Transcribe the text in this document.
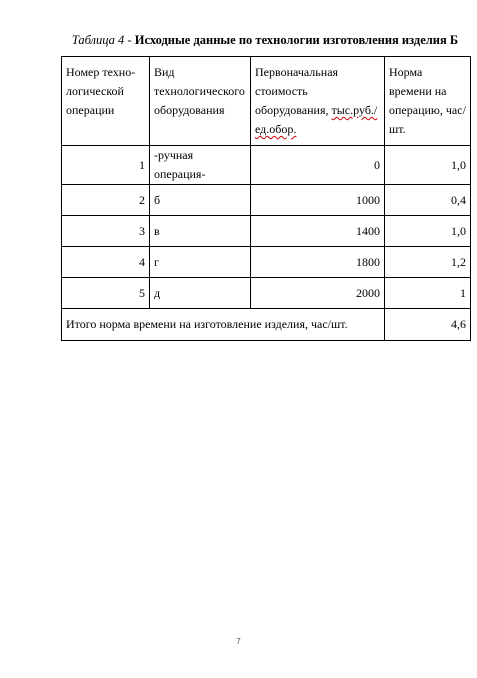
Таблица 4 - Исходные данные по технологии изготовления изделия Б
Номер техно-логической операции	Вид технологического оборудования	Первоначальная стоимость оборудования, тыс.руб./ед.обор.	Норма времени на операцию, час/шт.
1	-ручная операция-	0	1,0
2	б	1000	0,4
3	в	1400	1,0
4	г	1800	1,2
5	д	2000	1
Итого норма времени на изготовление изделия, час/шт.			4,6
7
